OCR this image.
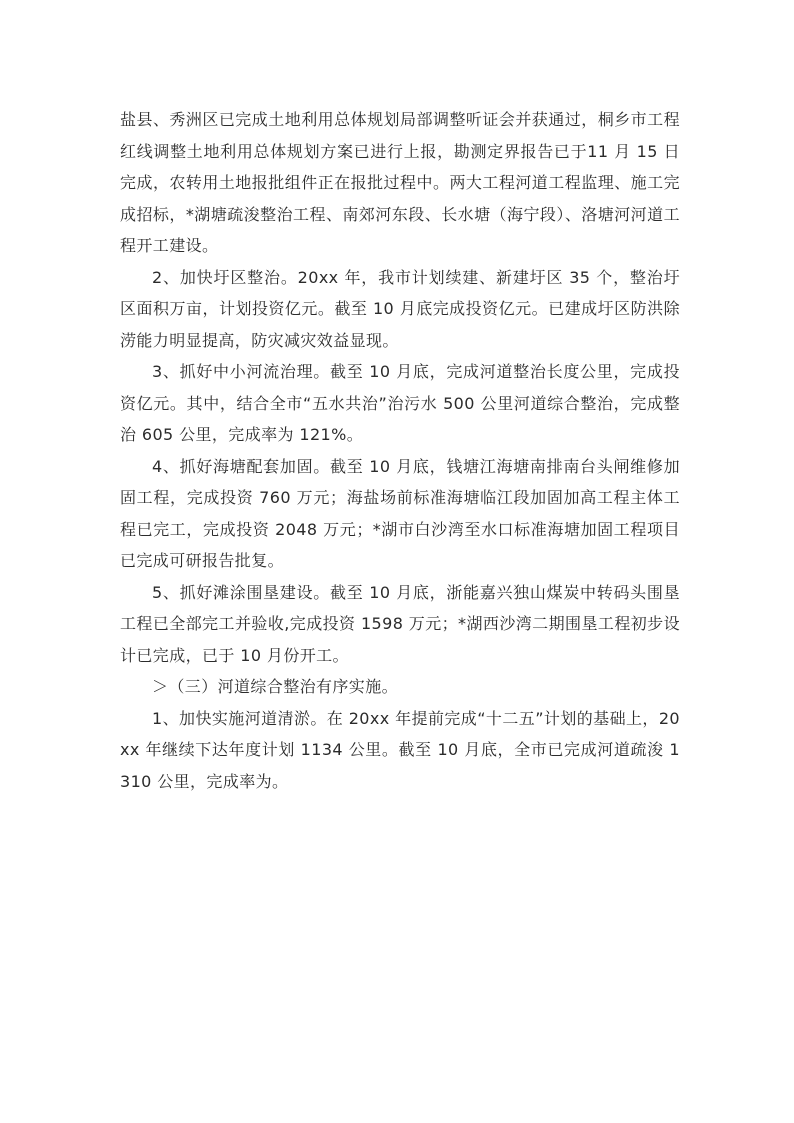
盐县、秀洲区已完成土地利用总体规划局部调整听证会并获通过，桐乡市工程红线调整土地利用总体规划方案已进行上报，勘测定界报告已于11 月 15 日完成，农转用土地报批组件正在报批过程中。两大工程河道工程监理、施工完成招标，*湖塘疏浚整治工程、南郊河东段、长水塘（海宁段）、洛塘河河道工程开工建设。

2、加快圩区整治。20xx 年，我市计划续建、新建圩区 35 个，整治圩区面积万亩，计划投资亿元。截至 10 月底完成投资亿元。已建成圩区防洪除涝能力明显提高，防灾减灾效益显现。

3、抓好中小河流治理。截至 10 月底，完成河道整治长度公里，完成投资亿元。其中，结合全市“五水共治”治污水 500 公里河道综合整治，完成整治 605 公里，完成率为 121%。

4、抓好海塘配套加固。截至 10 月底，钱塘江海塘南排南台头闸维修加固工程，完成投资 760 万元；海盐场前标准海塘临江段加固加高工程主体工程已完工，完成投资 2048 万元；*湖市白沙湾至水口标准海塘加固工程项目已完成可研报告批复。

5、抓好滩涂围垦建设。截至 10 月底，浙能嘉兴独山煤炭中转码头围垦工程已全部完工并验收,完成投资 1598 万元；*湖西沙湾二期围垦工程初步设计已完成，已于 10 月份开工。

＞（三）河道综合整治有序实施。

1、加快实施河道清淤。在 20xx 年提前完成“十二五”计划的基础上，20xx 年继续下达年度计划 1134 公里。截至 10 月底，全市已完成河道疏浚 1310 公里，完成率为。
